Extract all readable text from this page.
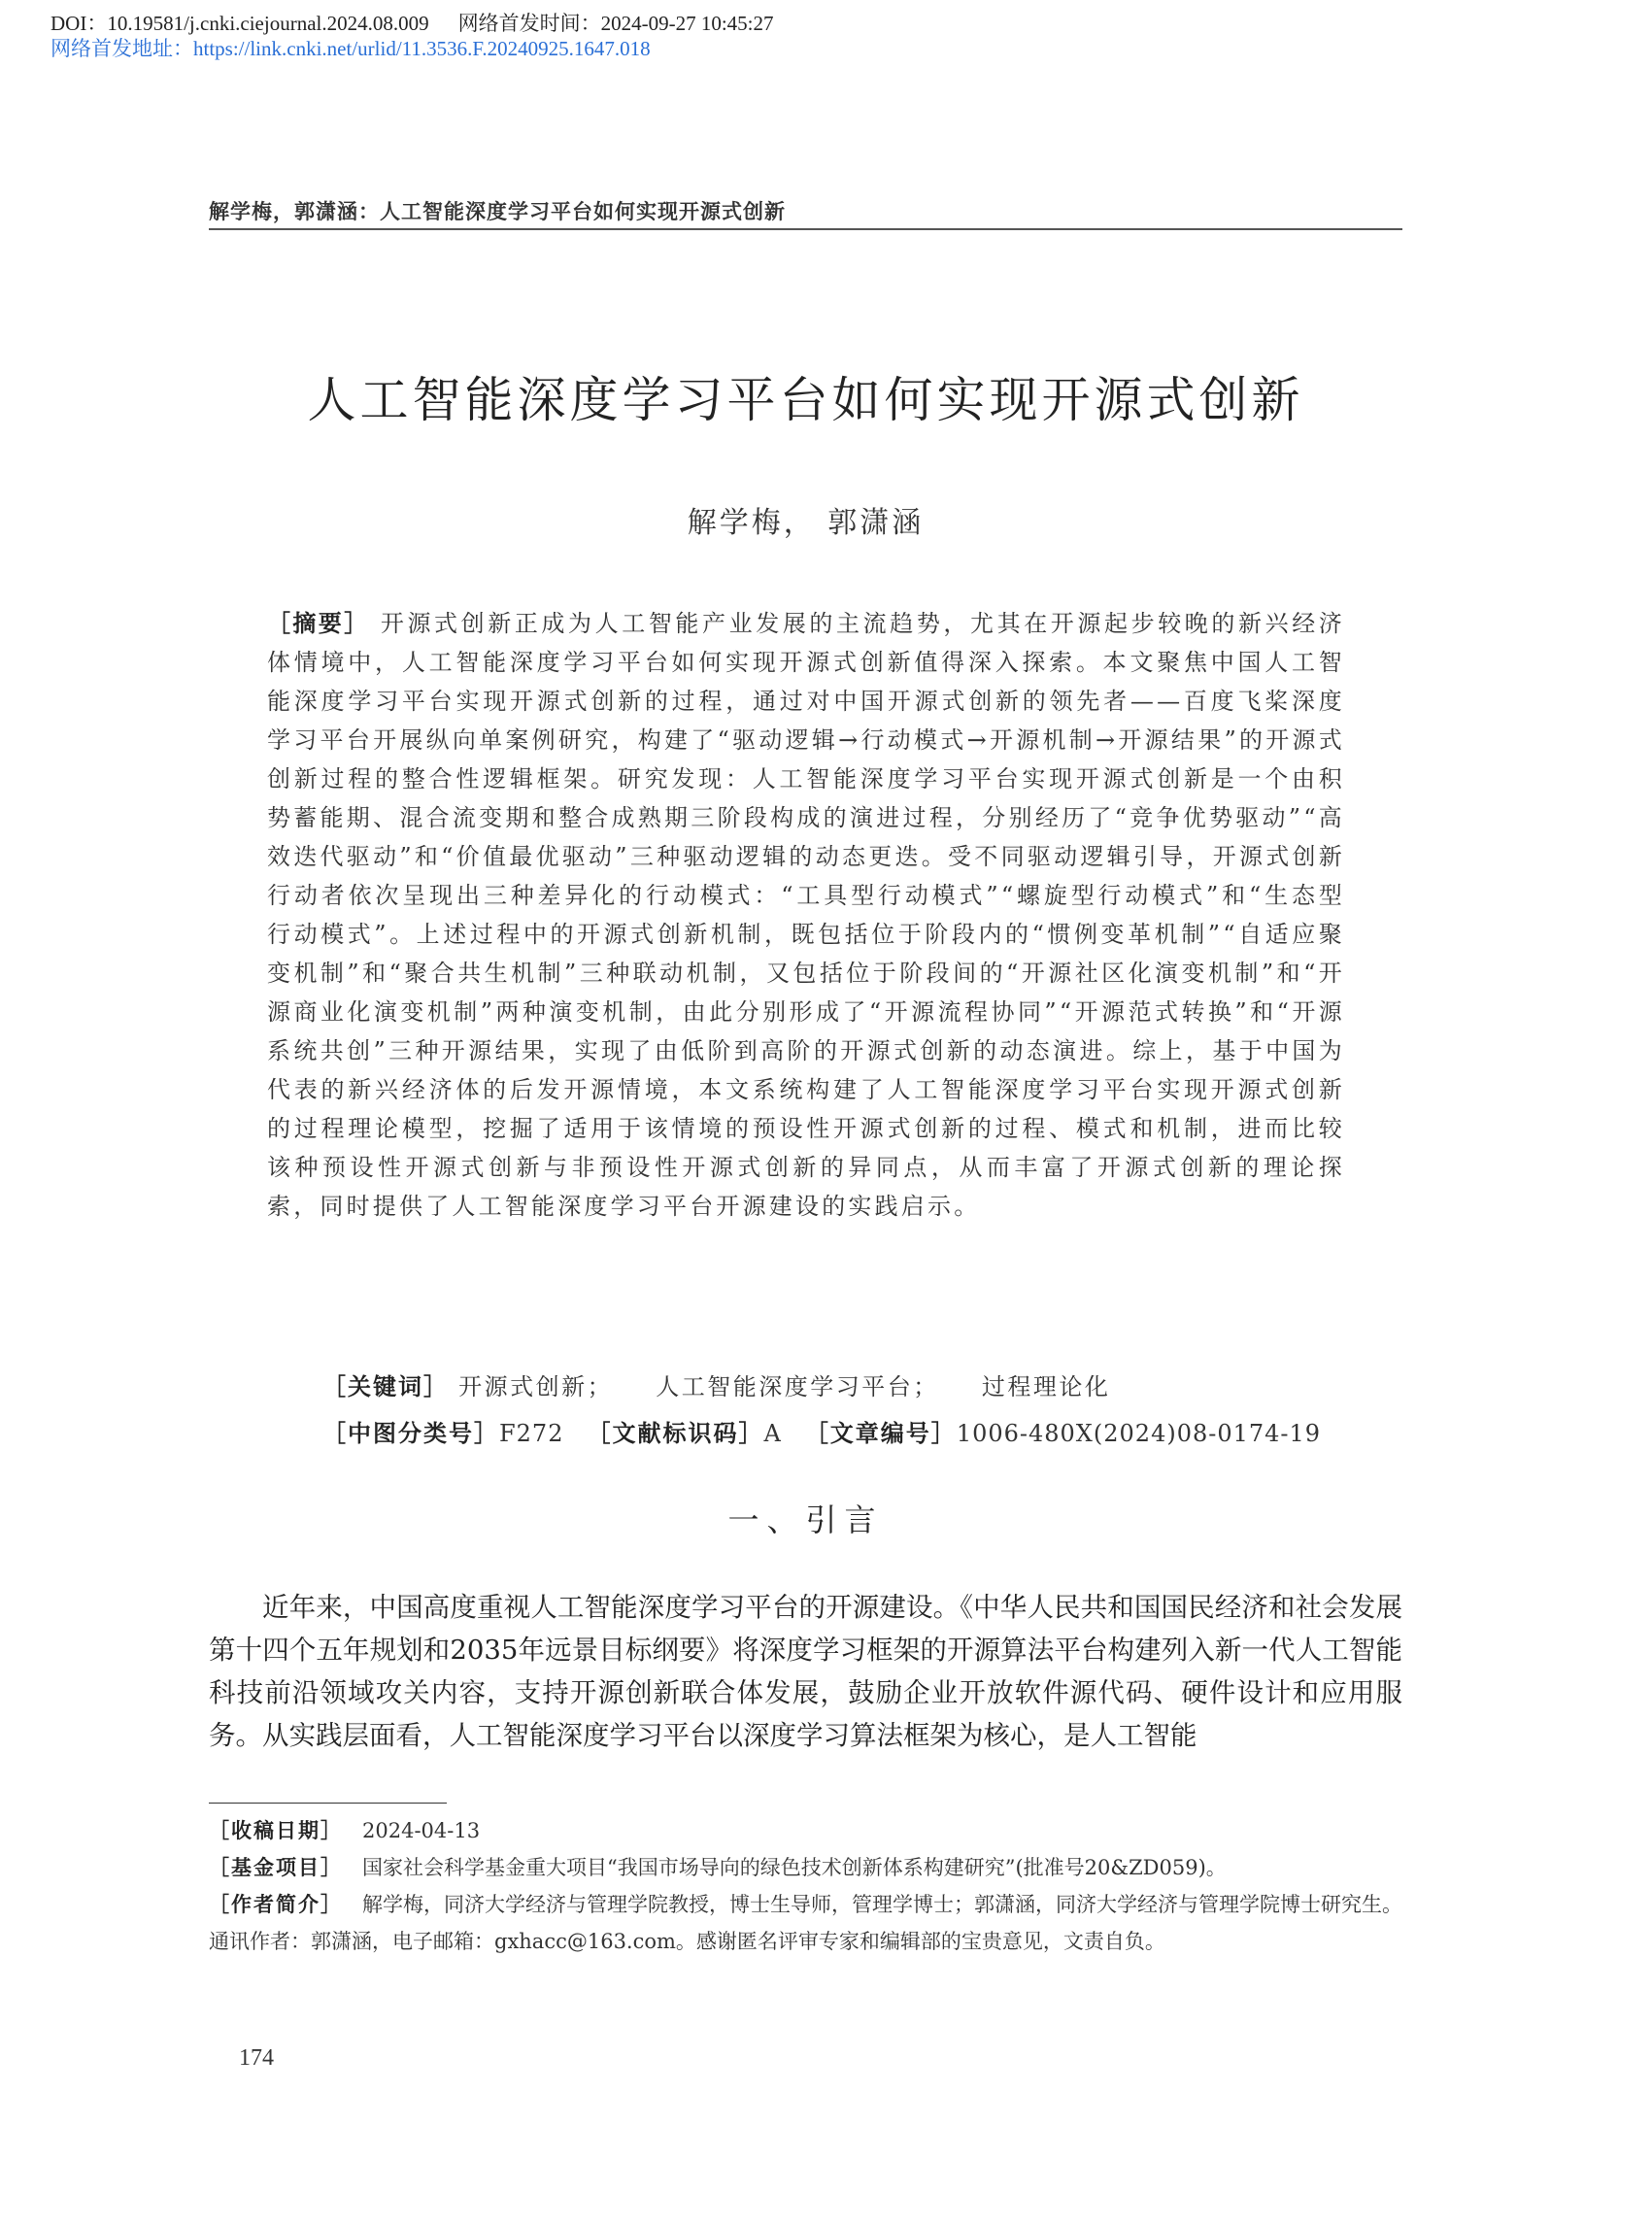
DOI：10.19581/j.cnki.ciejournal.2024.08.009 网络首发时间：2024-09-27 10:45:27
网络首发地址：https://link.cnki.net/urlid/11.3536.F.20240925.1647.018
解学梅，郭潇涵：人工智能深度学习平台如何实现开源式创新
人工智能深度学习平台如何实现开源式创新
解学梅， 郭潇涵
［摘要］ 开源式创新正成为人工智能产业发展的主流趋势，尤其在开源起步较晚的新兴经济体情境中，人工智能深度学习平台如何实现开源式创新值得深入探索。本文聚焦中国人工智能深度学习平台实现开源式创新的过程，通过对中国开源式创新的领先者——百度飞桨深度学习平台开展纵向单案例研究，构建了“驱动逻辑→行动模式→开源机制→开源结果”的开源式创新过程的整合性逻辑框架。研究发现：人工智能深度学习平台实现开源式创新是一个由积势蓄能期、混合流变期和整合成熟期三阶段构成的演进过程，分别经历了“竞争优势驱动”“高效迭代驱动”和“价值最优驱动”三种驱动逻辑的动态更迭。受不同驱动逻辑引导，开源式创新行动者依次呈现出三种差异化的行动模式：“工具型行动模式”“螺旋型行动模式”和“生态型行动模式”。上述过程中的开源式创新机制，既包括位于阶段内的“惯例变革机制”“自适应聚变机制”和“聚合共生机制”三种联动机制，又包括位于阶段间的“开源社区化演变机制”和“开源商业化演变机制”两种演变机制，由此分别形成了“开源流程协同”“开源范式转换”和“开源系统共创”三种开源结果，实现了由低阶到高阶的开源式创新的动态演进。综上，基于中国为代表的新兴经济体的后发开源情境，本文系统构建了人工智能深度学习平台实现开源式创新的过程理论模型，挖掘了适用于该情境的预设性开源式创新的过程、模式和机制，进而比较该种预设性开源式创新与非预设性开源式创新的异同点，从而丰富了开源式创新的理论探索，同时提供了人工智能深度学习平台开源建设的实践启示。
［关键词］ 开源式创新； 人工智能深度学习平台； 过程理论化
［中图分类号］F272 ［文献标识码］A ［文章编号］1006-480X(2024)08-0174-19
一、引言

近年来，中国高度重视人工智能深度学习平台的开源建设。《中华人民共和国国民经济和社会发展第十四个五年规划和2035年远景目标纲要》将深度学习框架的开源算法平台构建列入新一代人工智能科技前沿领域攻关内容，支持开源创新联合体发展，鼓励企业开放软件源代码、硬件设计和应用服务。从实践层面看，人工智能深度学习平台以深度学习算法框架为核心，是人工智能

［收稿日期］ 2024-04-13

［基金项目］ 国家社会科学基金重大项目“我国市场导向的绿色技术创新体系构建研究”(批准号20&ZD059)。

［作者简介］ 解学梅，同济大学经济与管理学院教授，博士生导师，管理学博士；郭潇涵，同济大学经济与管理学院博士研究生。通讯作者：郭潇涵，电子邮箱：gxhacc@163.com。感谢匿名评审专家和编辑部的宝贵意见，文责自负。

174
